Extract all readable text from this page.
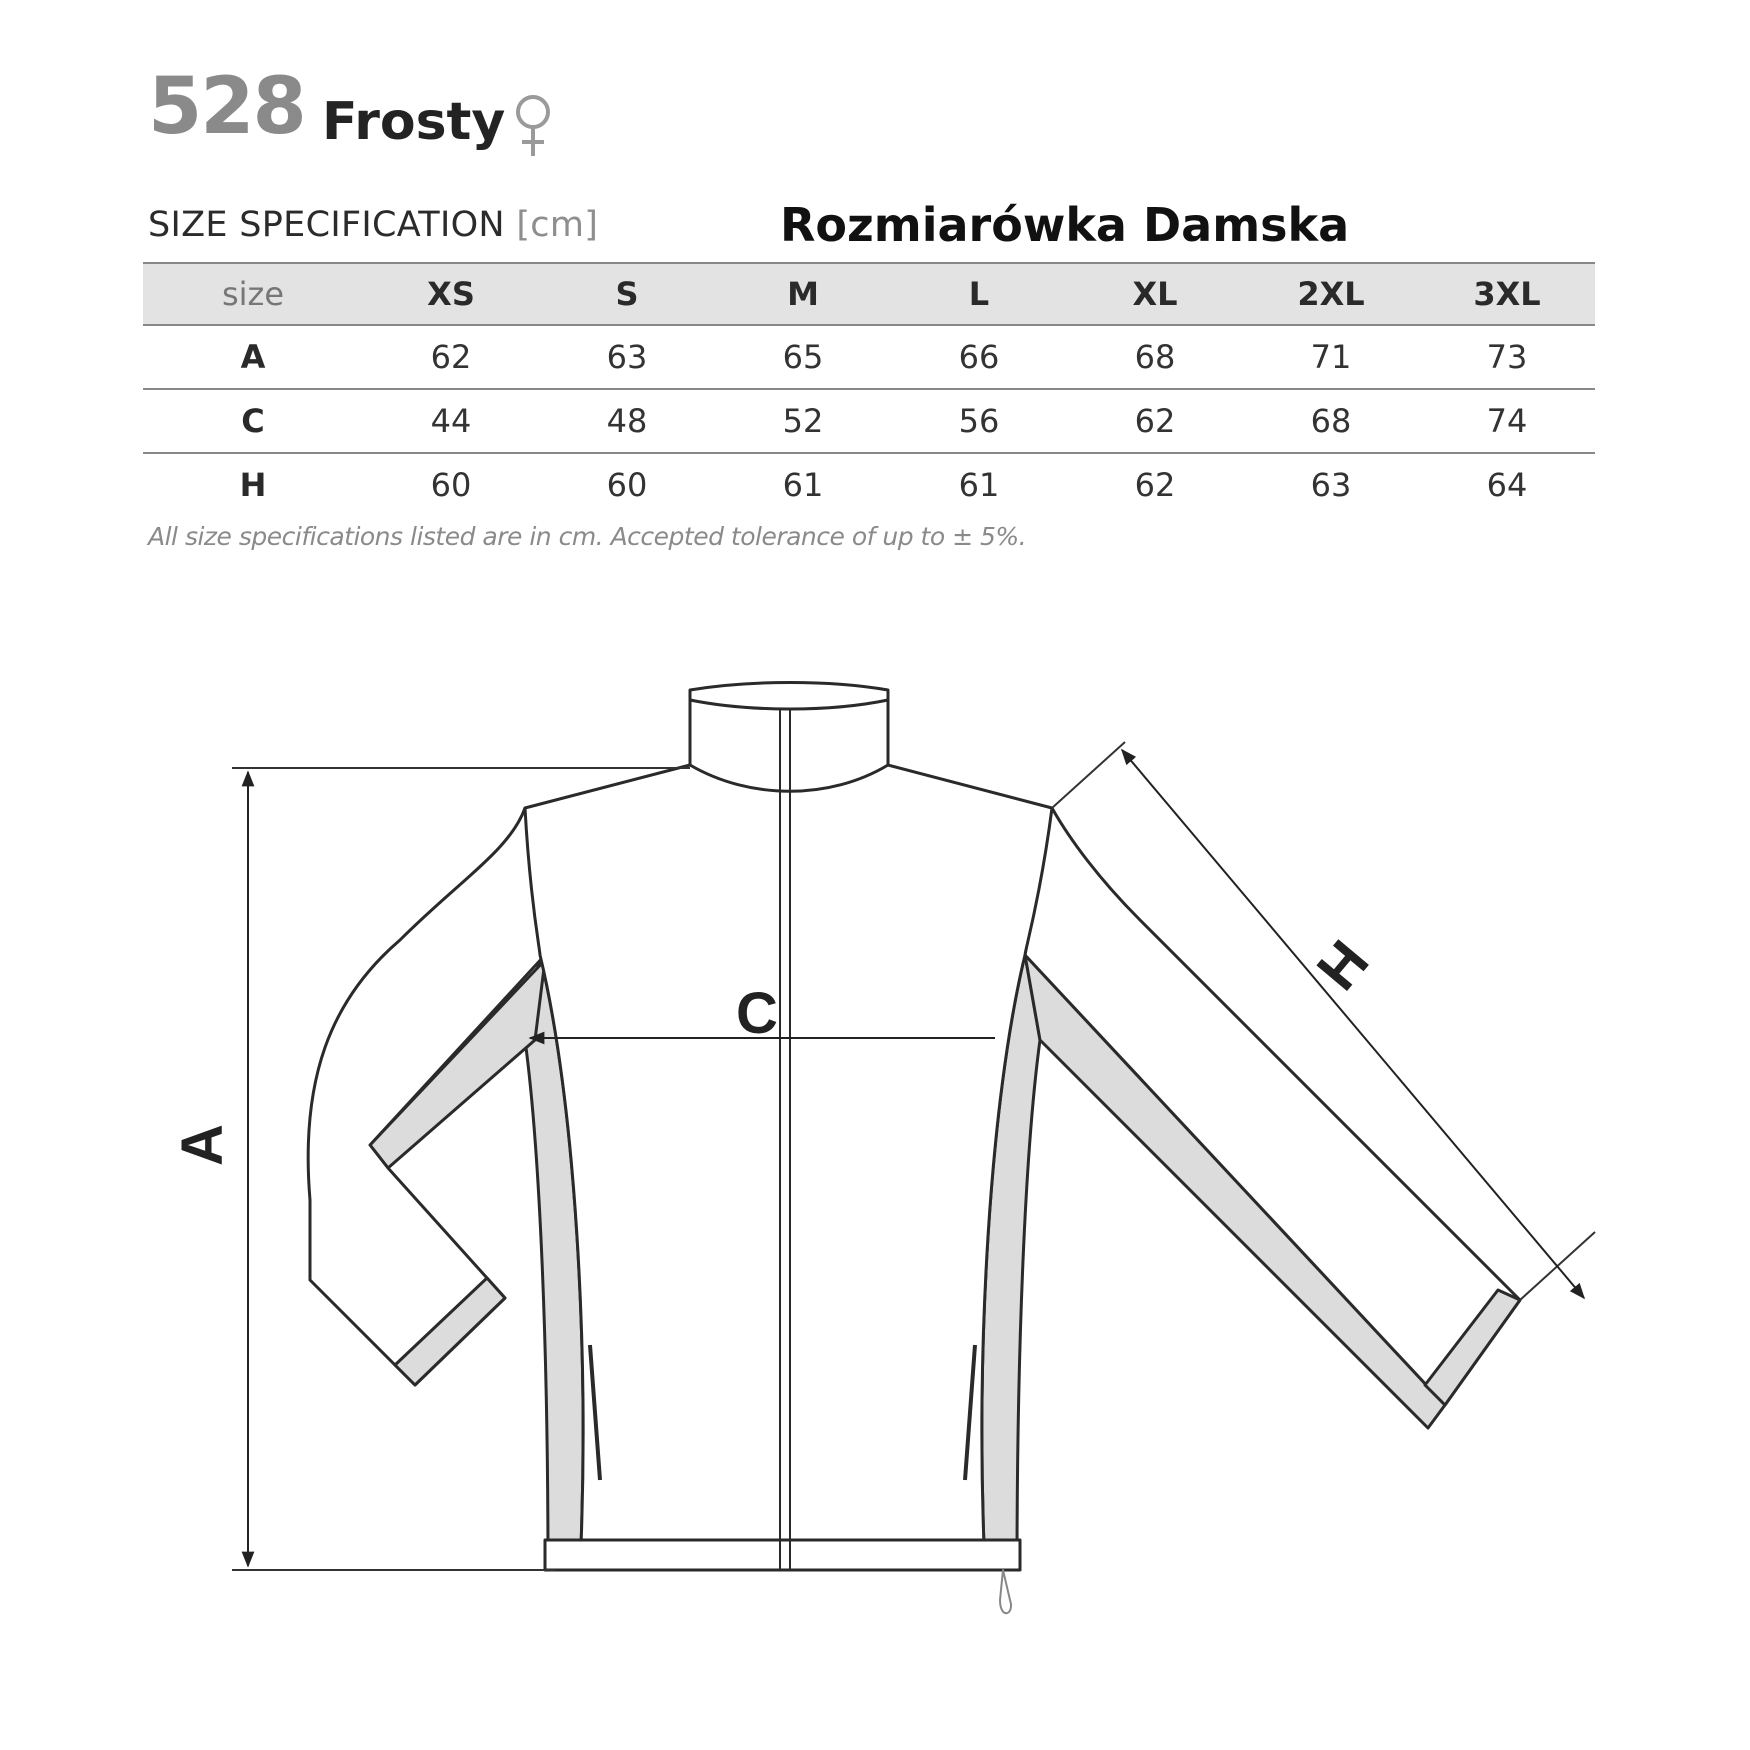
528 Frosty
SIZE SPECIFICATION [cm]	Rozmiarówka Damska
size	XS	S	M	L	XL	2XL	3XL
A	62	63	65	66	68	71	73
C	44	48	52	56	62	68	74
H	60	60	61	61	62	63	64
All size specifications listed are in cm. Accepted tolerance of up to ± 5%.
A
C
H
